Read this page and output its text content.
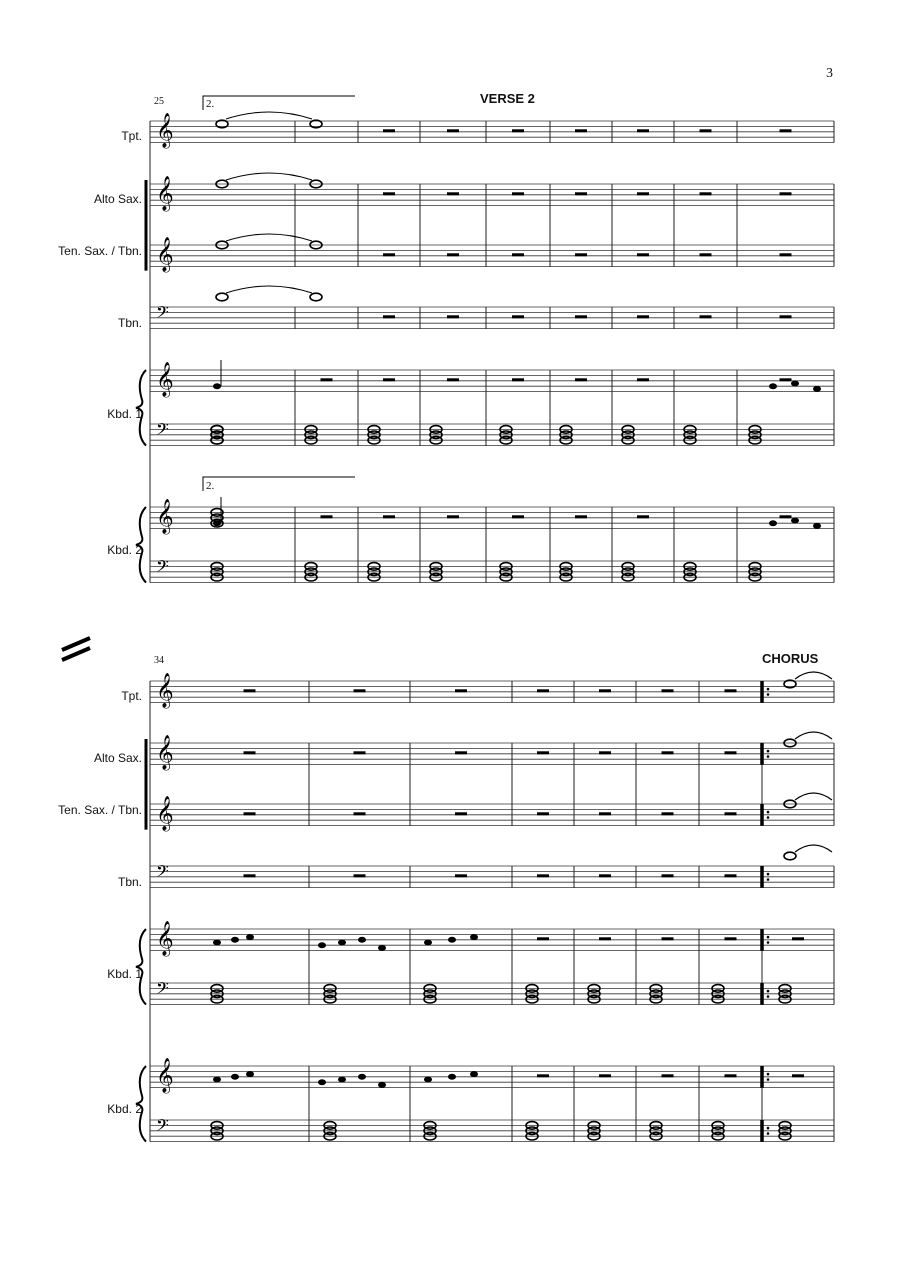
3
25	VERSE 2
2.
2.
Tpt.
Alto Sax.
Ten. Sax. / Tbn.
Tbn.
Kbd. 1
Kbd. 2
34	CHORUS
Tpt.
Alto Sax.
Ten. Sax. / Tbn.
Tbn.
Kbd. 1
Kbd. 2
𝄞
𝄞
𝄞
𝄢
𝄞
𝄢
𝄞
𝄢
𝄞
𝄞
𝄞
𝄢
𝄞
𝄢
𝄞
𝄢
